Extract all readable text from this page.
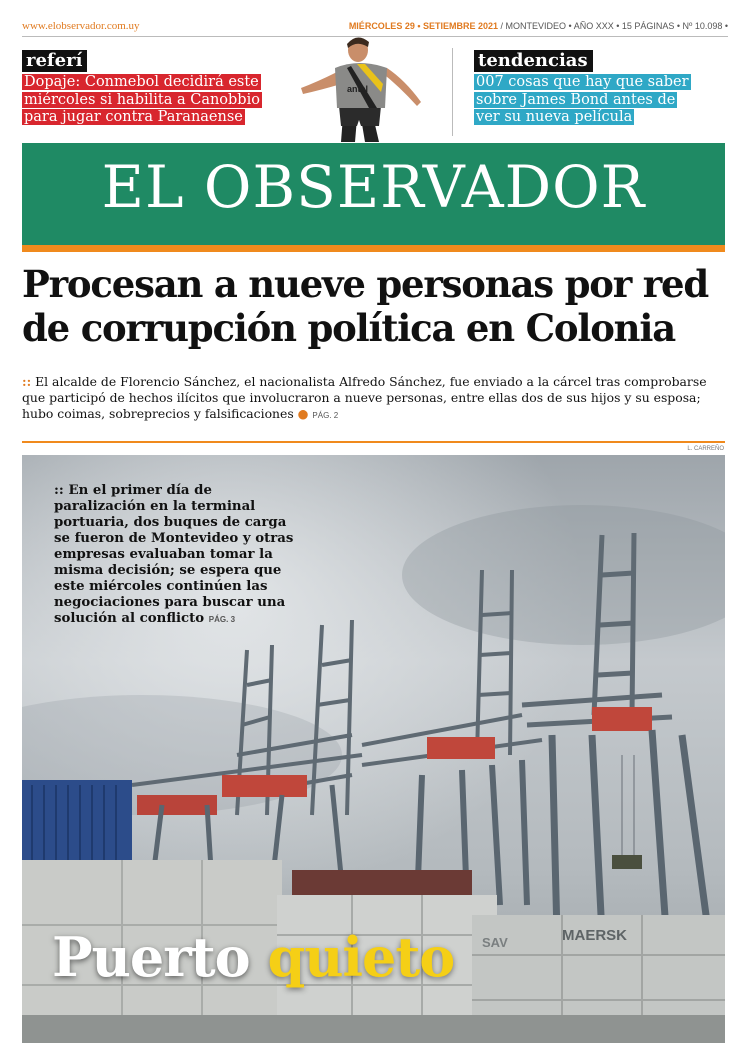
www.elobservador.com.uy	MIÉRCOLES 29 • SETIEMBRE 2021 / MONTEVIDEO • AÑO XXX • 15 PÁGINAS • Nº 10.098 •
referí
Dopaje: Conmebol decidirá este
miércoles si habilita a Canobbio
para jugar contra Paranaense
antel
tendencias
007 cosas que hay que saber
sobre James Bond antes de
ver su nueva película
EL OBSERVADOR
Procesan a nueve personas por red
de corrupción política en Colonia
:: El alcalde de Florencio Sánchez, el nacionalista Alfredo Sánchez, fue enviado a la cárcel tras comprobarse que participó de hechos ilícitos que involucraron a nueve personas, entre ellas dos de sus hijos y su esposa; hubo coimas, sobreprecios y falsificaciones ● PÁG. 2
L. CARREÑO
MAERSK
SAV
:: En el primer día de paralización en la terminal portuaria, dos buques de carga se fueron de Montevideo y otras empresas evaluaban tomar la misma decisión; se espera que este miércoles continúen las negociaciones para buscar una solución al conflicto PÁG. 3
Puerto quieto
